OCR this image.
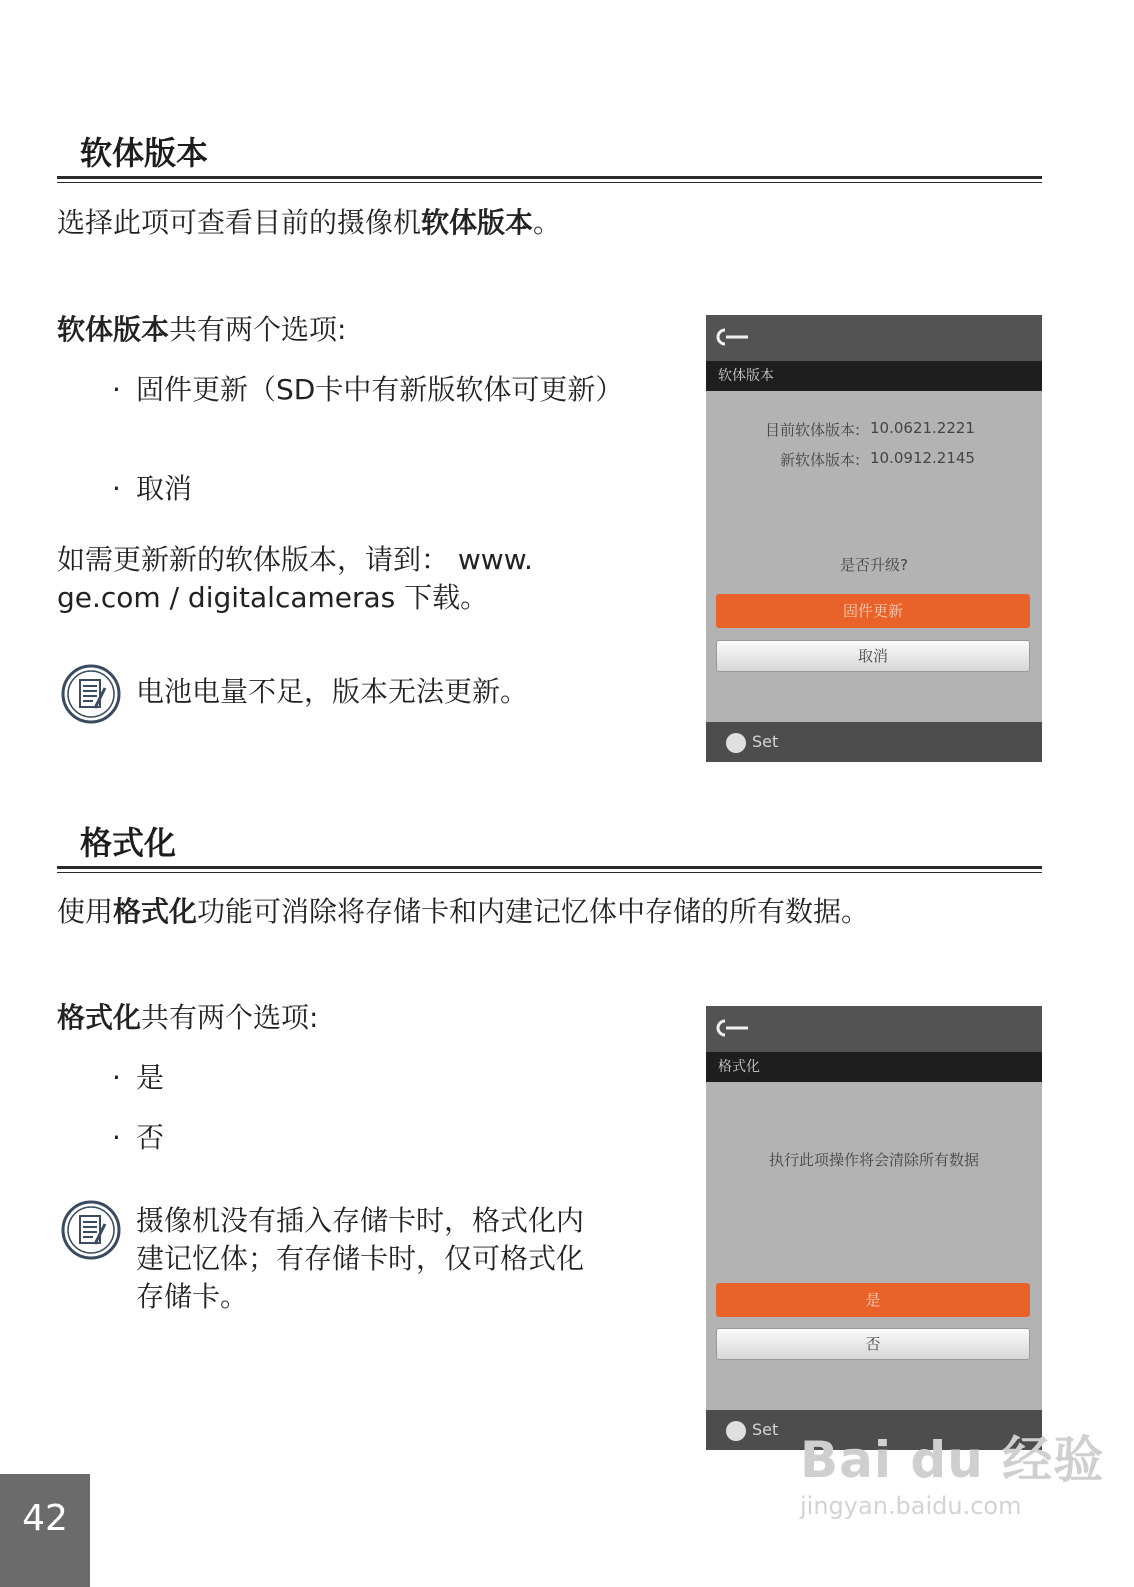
软体版本
选择此项可查看目前的摄像机软体版本。
软体版本共有两个选项:
· 固件更新（SD卡中有新版软体可更新）
· 取消
如需更新新的软体版本，请到： www.
ge.com / digitalcameras 下载。
电池电量不足，版本无法更新。
软体版本
目前软体版本: 10.0621.2221
新软体版本: 10.0912.2145
是否升级?
固件更新
取消
Set
格式化
使用格式化功能可消除将存储卡和内建记忆体中存储的所有数据。
格式化共有两个选项:
· 是
· 否
摄像机没有插入存储卡时，格式化内
建记忆体；有存储卡时，仅可格式化
存储卡。
格式化
执行此项操作将会清除所有数据
是
否
Set
42
Bai du 经验
jingyan.baidu.com
